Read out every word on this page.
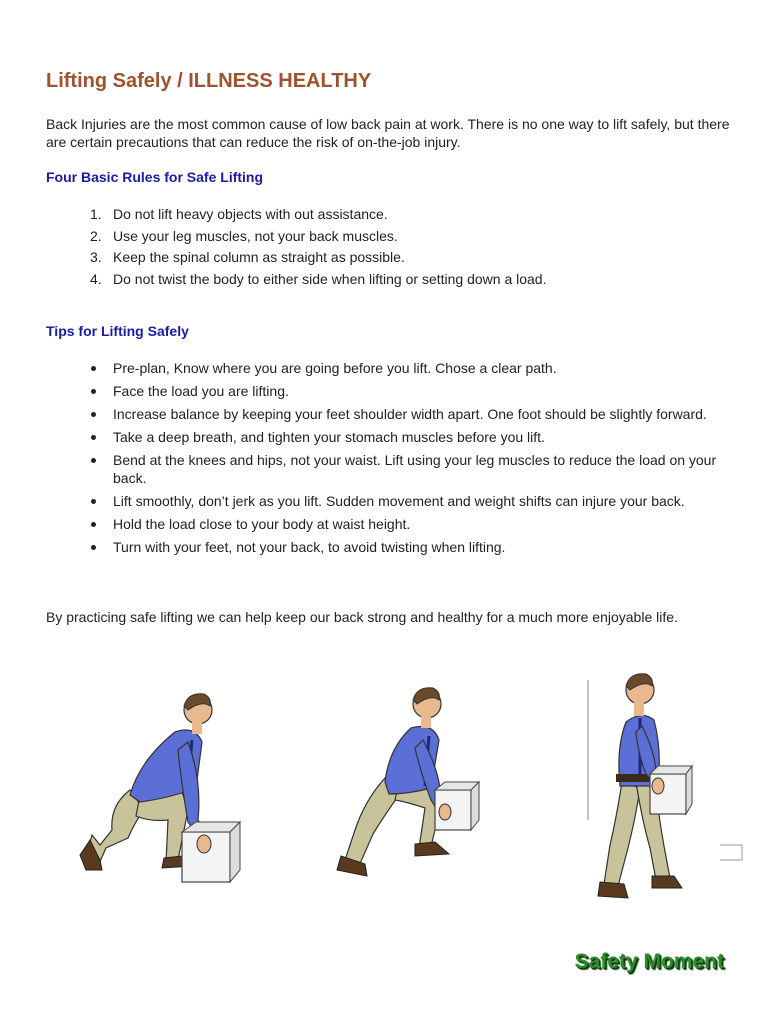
Lifting Safely / ILLNESS HEALTHY

Back Injuries are the most common cause of low back pain at work. There is no one way to lift safely, but there are certain precautions that can reduce the risk of on-the-job injury.

Four Basic Rules for Safe Lifting
1. Do not lift heavy objects with out assistance.
2. Use your leg muscles, not your back muscles.
3. Keep the spinal column as straight as possible.
4. Do not twist the body to either side when lifting or setting down a load.
Tips for Lifting Safely
Pre-plan, Know where you are going before you lift. Chose a clear path.
Face the load you are lifting.
Increase balance by keeping your feet shoulder width apart. One foot should be slightly forward.
Take a deep breath, and tighten your stomach muscles before you lift.
Bend at the knees and hips, not your waist. Lift using your leg muscles to reduce the load on your back.
Lift smoothly, don’t jerk as you lift. Sudden movement and weight shifts can injure your back.
Hold the load close to your body at waist height.
Turn with your feet, not your back, to avoid twisting when lifting.

By practicing safe lifting we can help keep our back strong and healthy for a much more enjoyable life.

Safety Moment
